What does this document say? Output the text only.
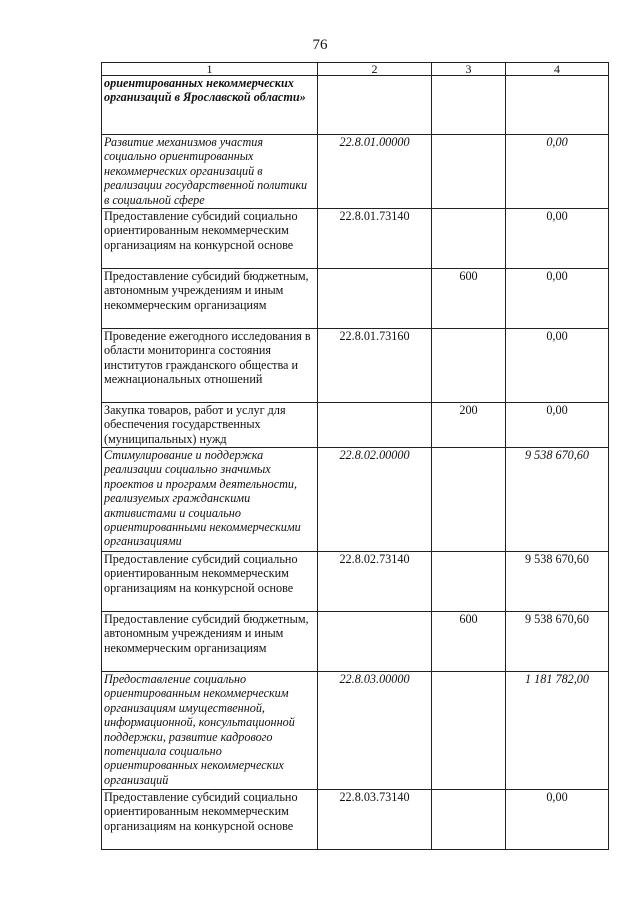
76
1	2	3	4
ориентированных некоммерческих организаций в Ярославской области»			
Развитие механизмов участия социально ориентированных некоммерческих организаций в реализации государственной политики в социальной сфере	22.8.01.00000		0,00
Предоставление субсидий социально ориентированным некоммерческим организациям на конкурсной основе	22.8.01.73140		0,00
Предоставление субсидий бюджетным, автономным учреждениям и иным некоммерческим организациям		600	0,00
Проведение ежегодного исследования в области мониторинга состояния институтов гражданского общества и межнациональных отношений	22.8.01.73160		0,00
Закупка товаров, работ и услуг для обеспечения государственных (муниципальных) нужд		200	0,00
Стимулирование и поддержка реализации социально значимых проектов и программ деятельности, реализуемых гражданскими активистами и социально ориентированными некоммерческими организациями	22.8.02.00000		9 538 670,60
Предоставление субсидий социально ориентированным некоммерческим организациям на конкурсной основе	22.8.02.73140		9 538 670,60
Предоставление субсидий бюджетным, автономным учреждениям и иным некоммерческим организациям		600	9 538 670,60
Предоставление социально ориентированным некоммерческим организациям имущественной, информационной, консультационной поддержки, развитие кадрового потенциала социально ориентированных некоммерческих организаций	22.8.03.00000		1 181 782,00
Предоставление субсидий социально ориентированным некоммерческим организациям на конкурсной основе	22.8.03.73140		0,00
